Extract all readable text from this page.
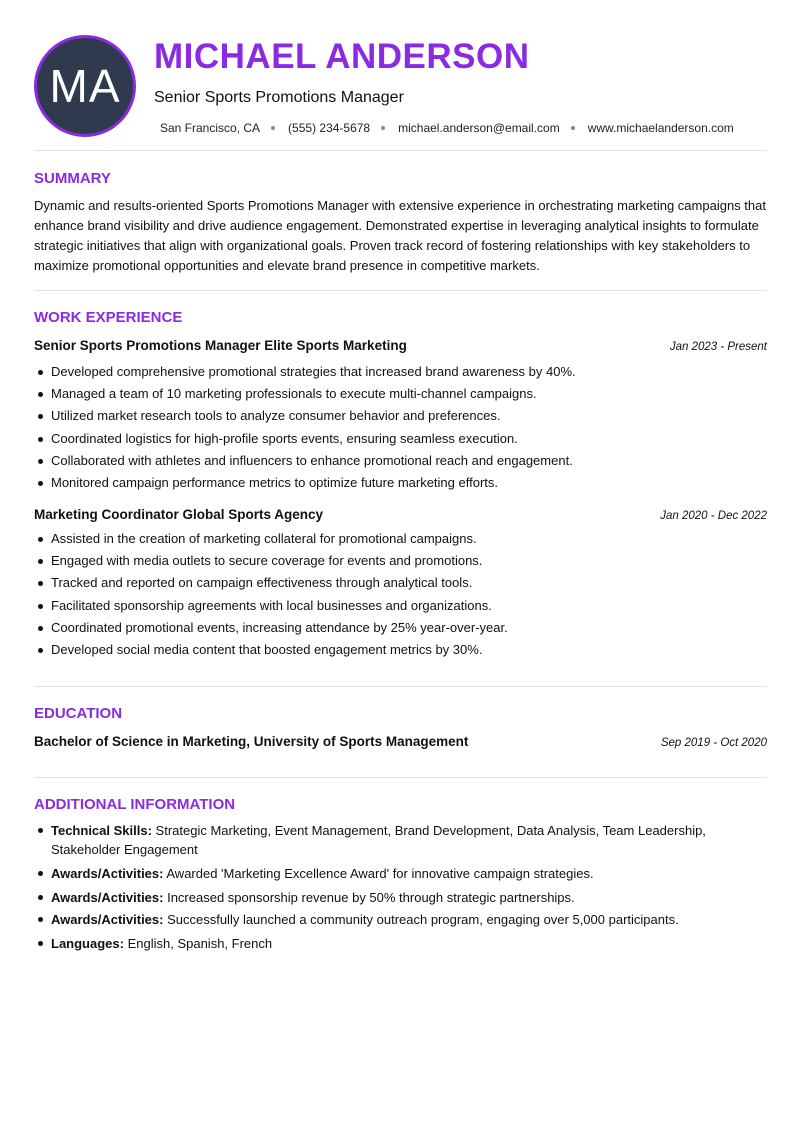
MA
MICHAEL ANDERSON
Senior Sports Promotions Manager
San Francisco, CA (555) 234-5678 michael.anderson@email.com www.michaelanderson.com
SUMMARY

Dynamic and results-oriented Sports Promotions Manager with extensive experience in orchestrating marketing campaigns that enhance brand visibility and drive audience engagement. Demonstrated expertise in leveraging analytical insights to formulate strategic initiatives that align with organizational goals. Proven track record of fostering relationships with key stakeholders to maximize promotional opportunities and elevate brand presence in competitive markets.

WORK EXPERIENCE
Senior Sports Promotions Manager Elite Sports Marketing	Jan 2023 - Present
Developed comprehensive promotional strategies that increased brand awareness by 40%.
Managed a team of 10 marketing professionals to execute multi-channel campaigns.
Utilized market research tools to analyze consumer behavior and preferences.
Coordinated logistics for high-profile sports events, ensuring seamless execution.
Collaborated with athletes and influencers to enhance promotional reach and engagement.
Monitored campaign performance metrics to optimize future marketing efforts.
Marketing Coordinator Global Sports Agency	Jan 2020 - Dec 2022
Assisted in the creation of marketing collateral for promotional campaigns.
Engaged with media outlets to secure coverage for events and promotions.
Tracked and reported on campaign effectiveness through analytical tools.
Facilitated sponsorship agreements with local businesses and organizations.
Coordinated promotional events, increasing attendance by 25% year-over-year.
Developed social media content that boosted engagement metrics by 30%.
EDUCATION
Bachelor of Science in Marketing, University of Sports Management	Sep 2019 - Oct 2020
ADDITIONAL INFORMATION
Technical Skills: Strategic Marketing, Event Management, Brand Development, Data Analysis, Team Leadership, Stakeholder Engagement
Awards/Activities: Awarded 'Marketing Excellence Award' for innovative campaign strategies.
Awards/Activities: Increased sponsorship revenue by 50% through strategic partnerships.
Awards/Activities: Successfully launched a community outreach program, engaging over 5,000 participants.
Languages: English, Spanish, French
